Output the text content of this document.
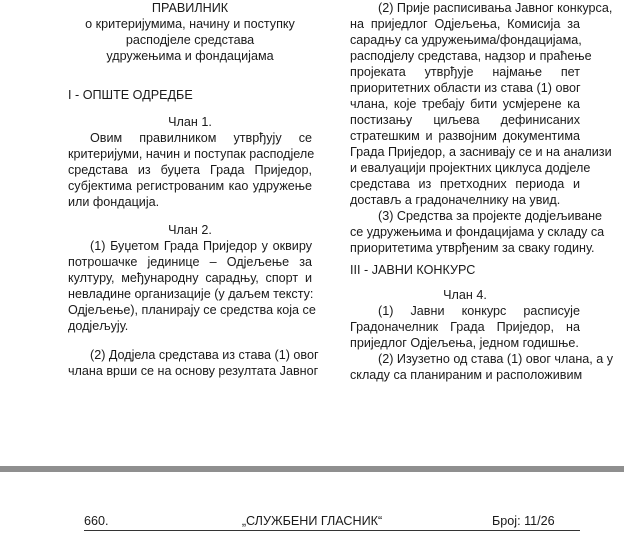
ПРАВИЛНИК
о критеријумима, начину и поступку
расподјеле средстава
удружењима и фондацијама
I - ОПШТЕ ОДРЕДБЕ
Члан 1.
Овим правилником утврђују се
критеријуми, начин и поступак расподјеле
средстава из буџета Града Приједор,
субјектима регистрованим као удружење
или фондација.
Члан 2.
(1) Буџетом Града Приједор у оквиру
потрошачке јединице – Одјељење за
културу, међународну сарадњу, спорт и
невладине организације (у даљем тексту:
Одјељење), планирају се средства која се
додјељују.
(2) Додјела средстава из става (1) овог
члана врши се на основу резултата Јавног
(2) Прије расписивања Јавног конкурса,
на приједлог Одјељења, Комисија за
сарадњу са удружењима/фондацијама,
расподјелу средстава, надзор и праћење
пројеката утврђује најмање пет
приоритетних области из става (1) овог
члана, које требају бити усмјерене ка
постизању циљева дефинисаних
стратешким и развојним документима
Града Приједор, а заснивају се и на анализи
и евалуацији пројектних циклуса додјеле
средстава из претходних периода и
достављ а градоначелнику на увид.
(3) Средства за пројекте додјељиване
се удружењима и фондацијама у складу са
приоритетима утврђеним за сваку годину.
III - ЈАВНИ КОНКУРС
Члан 4.
(1) Јавни конкурс расписује
Градоначелник Града Приједор, на
приједлог Одјељења, једном годишње.
(2) Изузетно од става (1) овог члана, а у
складу са планираним и расположивим
660.	„СЛУЖБЕНИ ГЛАСНИК“	Број: 11/26
